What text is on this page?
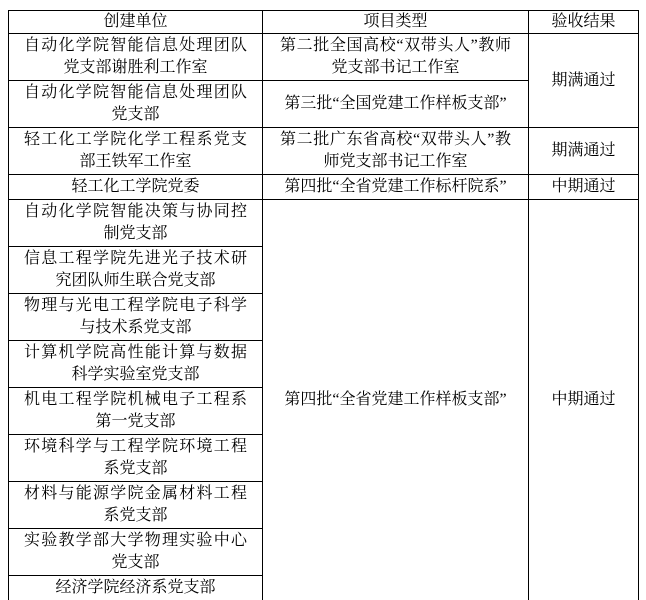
创建单位	项目类型	验收结果
自动化学院智能信息处理团队党支部谢胜利工作室	第二批全国高校“双带头人”教师党支部书记工作室	期满通过
自动化学院智能信息处理团队党支部	第三批“全国党建工作样板支部”	
轻工化工学院化学工程系党支部王铁军工作室	第二批广东省高校“双带头人”教师党支部书记工作室	期满通过
轻工化工学院党委	第四批“全省党建工作标杆院系”	中期通过
自动化学院智能决策与协同控制党支部	第四批“全省党建工作样板支部”	中期通过
信息工程学院先进光子技术研究团队师生联合党支部		
物理与光电工程学院电子科学与技术系党支部		
计算机学院高性能计算与数据科学实验室党支部		
机电工程学院机械电子工程系第一党支部		
环境科学与工程学院环境工程系党支部		
材料与能源学院金属材料工程系党支部		
实验教学部大学物理实验中心党支部		
经济学院经济系党支部		
